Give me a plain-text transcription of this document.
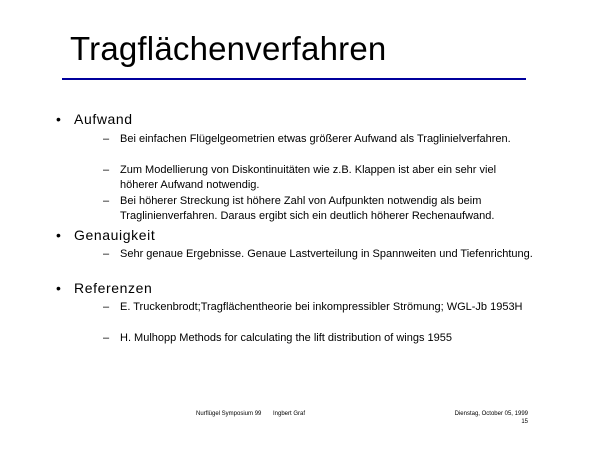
Tragflächenverfahren
• Aufwand
– Bei einfachen Flügelgeometrien etwas größerer Aufwand als Traglinielverfahren.
– Zum Modellierung von Diskontinuitäten wie z.B. Klappen ist aber ein sehr viel höherer Aufwand notwendig.
– Bei höherer Streckung ist höhere Zahl von Aufpunkten notwendig als beim Traglinienverfahren. Daraus ergibt sich ein deutlich höherer Rechenaufwand.
• Genauigkeit
– Sehr genaue Ergebnisse. Genaue Lastverteilung in Spannweiten und Tiefenrichtung.
• Referenzen
– E. Truckenbrodt;Tragflächentheorie bei inkompressibler Strömung; WGL-Jb 1953H
– H. Mulhopp Methods for calculating the lift distribution of wings 1955
Nurflügel Symposium 99 Ingbert Graf	Dienstag, October 05, 1999
15
